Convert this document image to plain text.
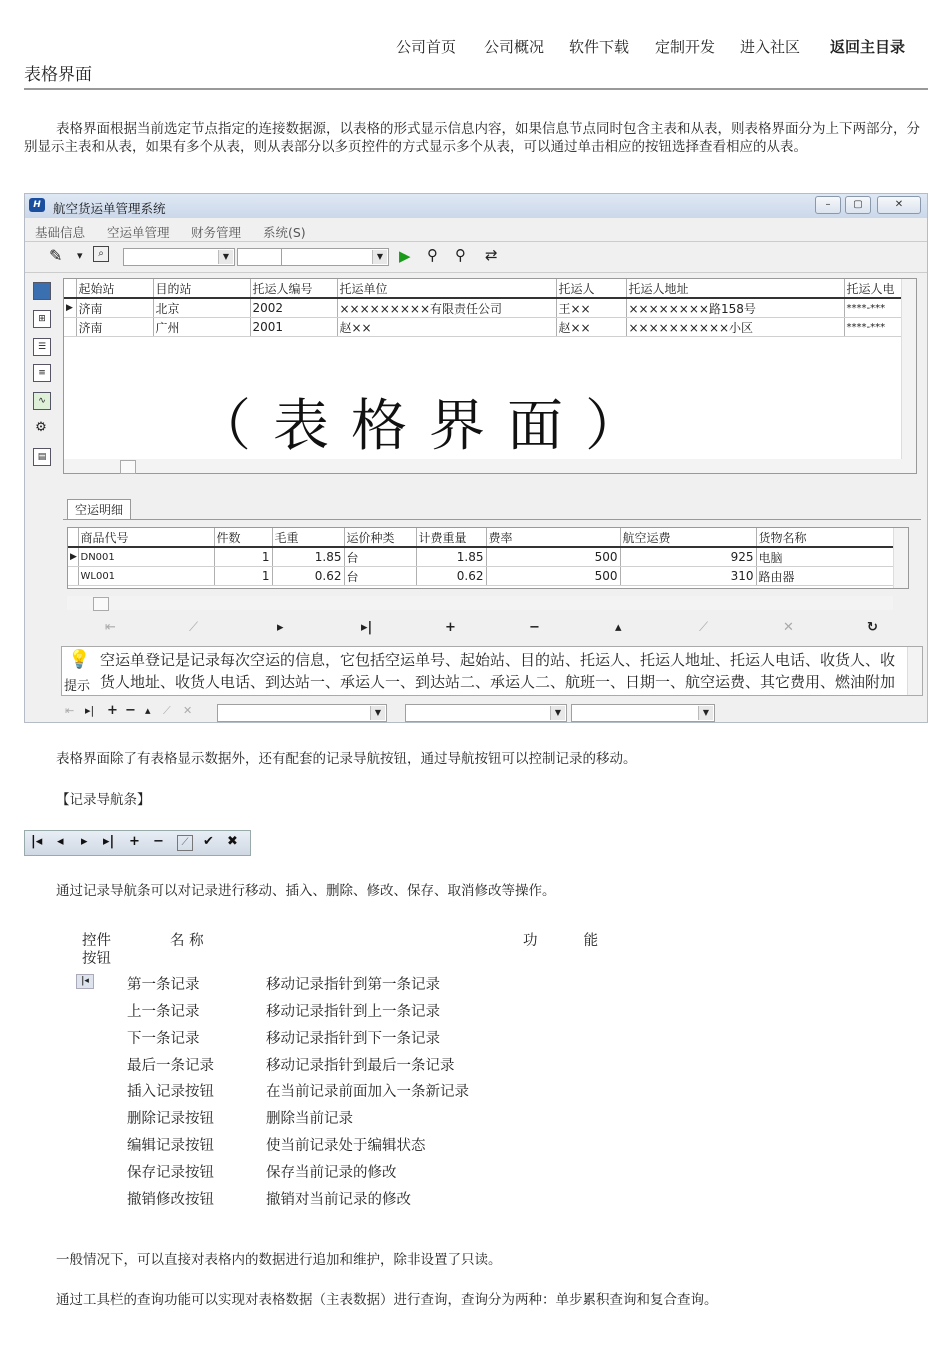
公司首页 公司概况 软件下载 定制开发 进入社区 返回主目录
表格界面
表格界面根据当前选定节点指定的连接数据源，以表格的形式显示信息内容，如果信息节点同时包含主表和从表，则表格界面分为上下两部分，分别显示主表和从表，如果有多个从表，则从表部分以多页控件的方式显示多个从表，可以通过单击相应的按钮选择查看相应的从表。
H 航空货运单管理系统	–	▢	✕
基础信息 空运单管理 财务管理 系统(S)
✎ ▾	⌕	▼	▼ ▶ ⚲ ⚲ ⇄
⊞
☰
≡
∿
⚙
▤
	起始站	目的站	托运人编号	托运单位	托运人	托运人地址	托运人电
▶	济南	北京	2002	×××××××××有限责任公司	王××	××××××××路158号	****-***
	济南	广州	2001	赵××	赵××	××××××××××小区	****-***
（表格界面）
空运明细
	商品代号	件数	毛重	运价种类	计费重量	费率	航空运费	货物名称
▶	DN001	1	1.85	台	1.85	500	925	电脑
	WL001	1	0.62	台	0.62	500	310	路由器
⇤	⟋	▸	▸|	+	−	▴	⟋	✕	↻
💡
提示
空运单登记是记录每次空运的信息，它包括空运单号、起始站、目的站、托运人、托运人地址、托运人电话、收货人、收货人地址、收货人电话、到达站一、承运人一、到达站二、承运人二、航班一、日期一、航空运费、其它费用、燃油附加
⇤ ▸| + − ▴ ⟋ ✕	▼	▼	▼
表格界面除了有表格显示数据外，还有配套的记录导航按钮，通过导航按钮可以控制记录的移动。
【记录导航条】
|◂ ◂ ▸ ▸| + −	⟋	✔ ✖
通过记录导航条可以对记录进行移动、插入、删除、修改、保存、取消修改等操作。
控件
按钮
名 称	功          能
|◂	第一条记录	移动记录指针到第一条记录
上一条记录	移动记录指针到上一条记录
下一条记录	移动记录指针到下一条记录
最后一条记录	移动记录指针到最后一条记录
插入记录按钮	在当前记录前面加入一条新记录
删除记录按钮	删除当前记录
编辑记录按钮	使当前记录处于编辑状态
保存记录按钮	保存当前记录的修改
撤销修改按钮	撤销对当前记录的修改
一般情况下，可以直接对表格内的数据进行追加和维护，除非设置了只读。
通过工具栏的查询功能可以实现对表格数据（主表数据）进行查询，查询分为两种：单步累积查询和复合查询。
